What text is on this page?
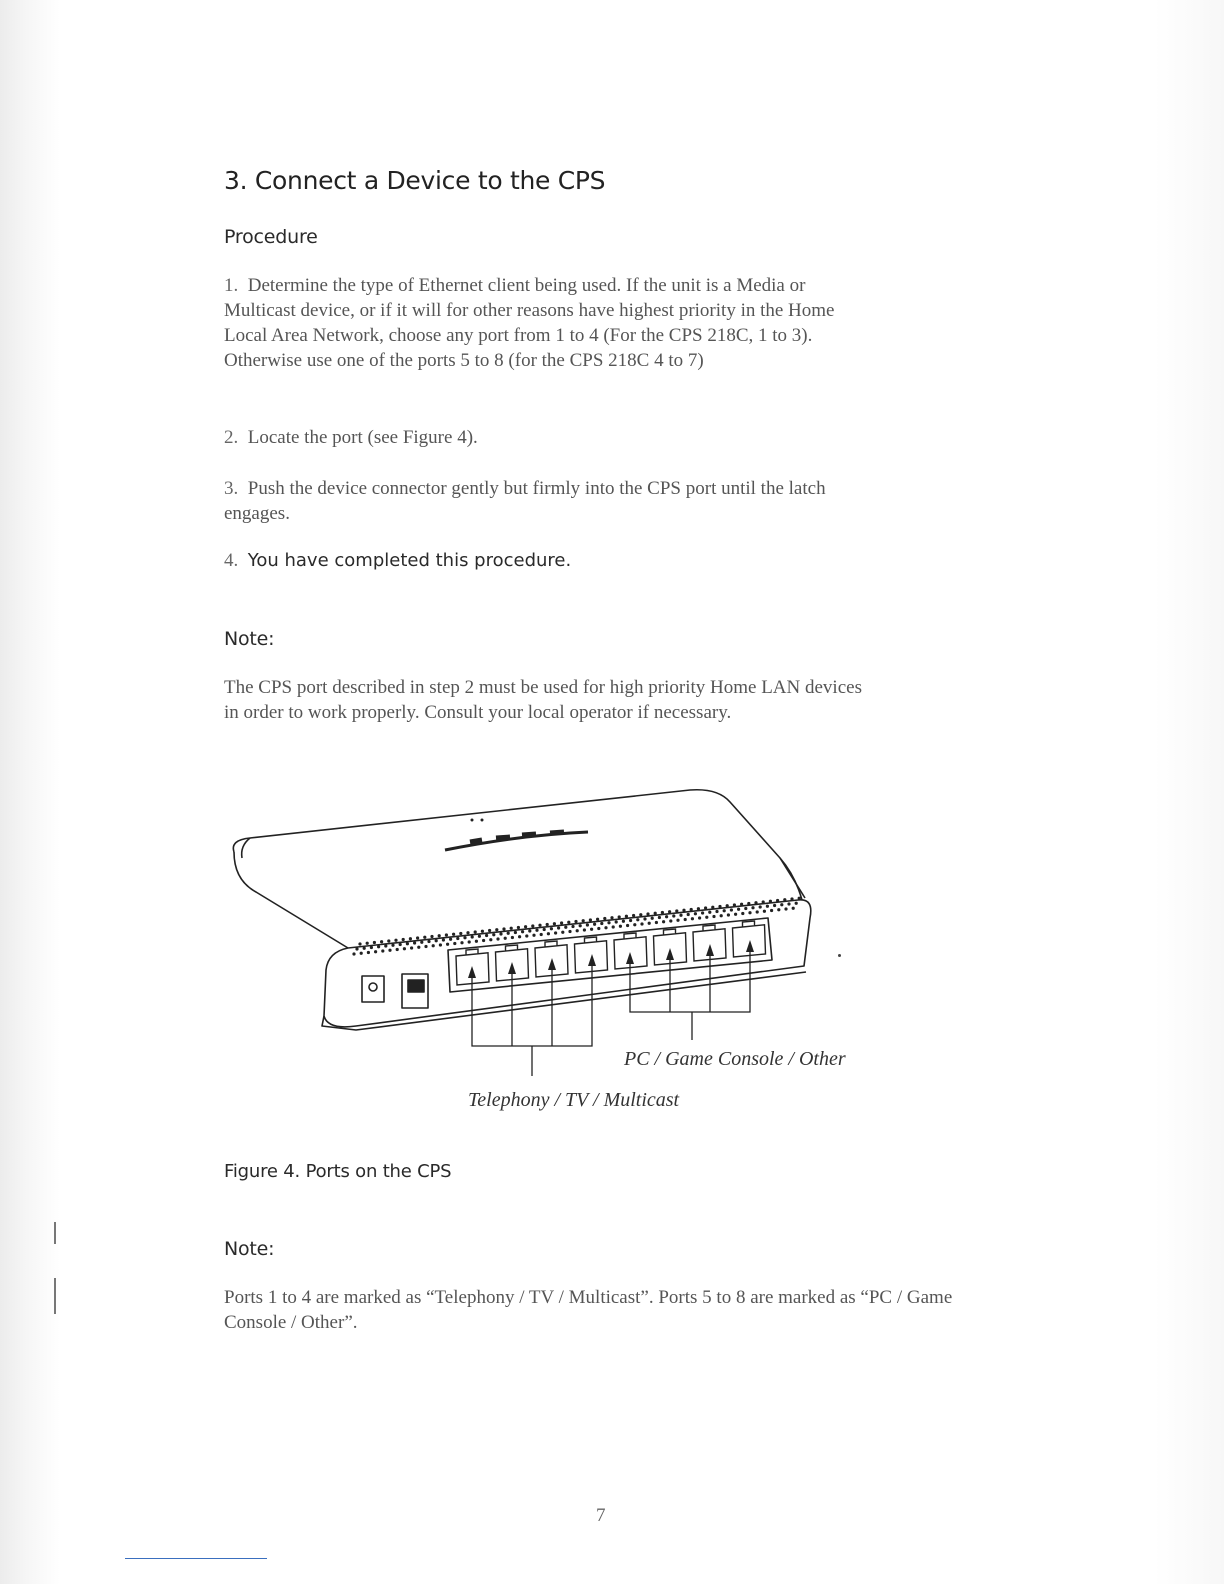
3. Connect a Device to the CPS
Procedure
1. Determine the type of Ethernet client being used. If the unit is a Media or Multicast device, or if it will for other reasons have highest priority in the Home Local Area Network, choose any port from 1 to 4 (For the CPS 218C, 1 to 3). Otherwise use one of the ports 5 to 8 (for the CPS 218C 4 to 7)
2. Locate the port (see Figure 4).
3. Push the device connector gently but firmly into the CPS port until the latch engages.
4. You have completed this procedure.
Note:
The CPS port described in step 2 must be used for high priority Home LAN devices in order to work properly. Consult your local operator if necessary.
PC / Game Console / Other
Telephony / TV / Multicast
Figure 4. Ports on the CPS
Note:
Ports 1 to 4 are marked as “Telephony / TV / Multicast”. Ports 5 to 8 are marked as “PC / Game Console / Other”.
7
